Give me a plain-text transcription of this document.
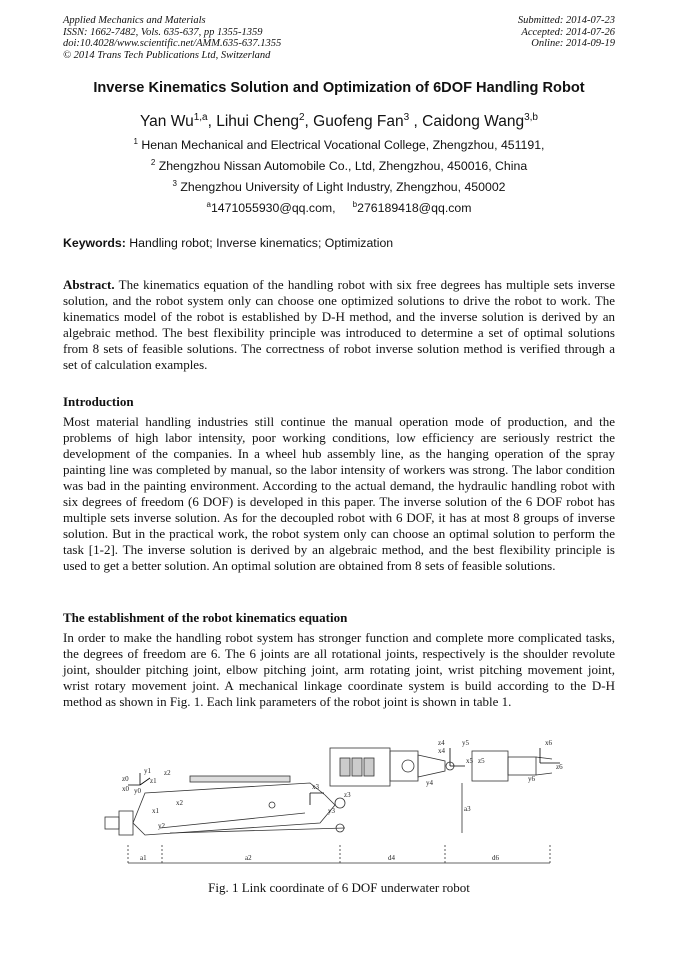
Applied Mechanics and Materials
ISSN: 1662-7482, Vols. 635-637, pp 1355-1359
doi:10.4028/www.scientific.net/AMM.635-637.1355
© 2014 Trans Tech Publications Ltd, Switzerland
Submitted: 2014-07-23
Accepted: 2014-07-26
Online: 2014-09-19
Inverse Kinematics Solution and Optimization of 6DOF Handling Robot
Yan Wu$^{1,a}$, Lihui Cheng$^2$, Guofeng Fan$^3$ , Caidong Wang$^{3,b}$
$^1$ Henan Mechanical and Electrical Vocational College, Zhengzhou, 451191,
$^2$ Zhengzhou Nissan Automobile Co., Ltd, Zhengzhou, 450016, China
$^3$ Zhengzhou University of Light Industry, Zhengzhou, 450002
$^a$1471055930@qq.com, $^b$276189418@qq.com
Keywords: Handling robot; Inverse kinematics; Optimization

Abstract. The kinematics equation of the handling robot with six free degrees has multiple sets inverse solution, and the robot system only can choose one optimized solutions to drive the robot to work. The kinematics model of the robot is established by D-H method, and the inverse solution is derived by an algebraic method. The best flexibility principle was introduced to determine a set of optimal solutions from 8 sets of feasible solutions. The correctness of robot inverse solution method is verified through a set of calculation examples.

Introduction

Most material handling industries still continue the manual operation mode of production, and the problems of high labor intensity, poor working conditions, low efficiency are seriously restrict the development of the companies. In a wheel hub assembly line, as the hanging operation of the spray painting line was completed by manual, so the labor intensity of workers was strong. The labor condition was bad in the painting environment. According to the actual demand, the hydraulic handling robot with six degrees of freedom (6 DOF) is developed in this paper. The inverse solution of the 6 DOF robot has multiple sets inverse solution. As for the decoupled robot with 6 DOF, it has at most 8 groups of inverse solution. But in the practical work, the robot system only can choose an optimal solution to perform the task [1-2]. The inverse solution is derived by an algebraic method, and the best flexibility principle is used to get a better solution. An optimal solution are obtained from 8 sets of feasible solutions.

The establishment of the robot kinematics equation

In order to make the handling robot system has stronger function and complete more complicated tasks, the degrees of freedom are 6. The 6 joints are all rotational joints, respectively is the shoulder revolute joint, shoulder pitching joint, elbow pitching joint, arm rotating joint, wrist pitching movement joint, wrist rotary movement joint. A mechanical linkage coordinate system is build according to the D-H method as shown in Fig. 1. Each link parameters of the robot joint is shown in table 1.

z0
x0 y0
y1
x1
z1
z2
x2
y2
x3
y3
z3
z4
x4
y4
x5
y5
z5
x6
y6
z6
a1	a2
a3
d4	d6
Fig. 1 Link coordinate of 6 DOF underwater robot
